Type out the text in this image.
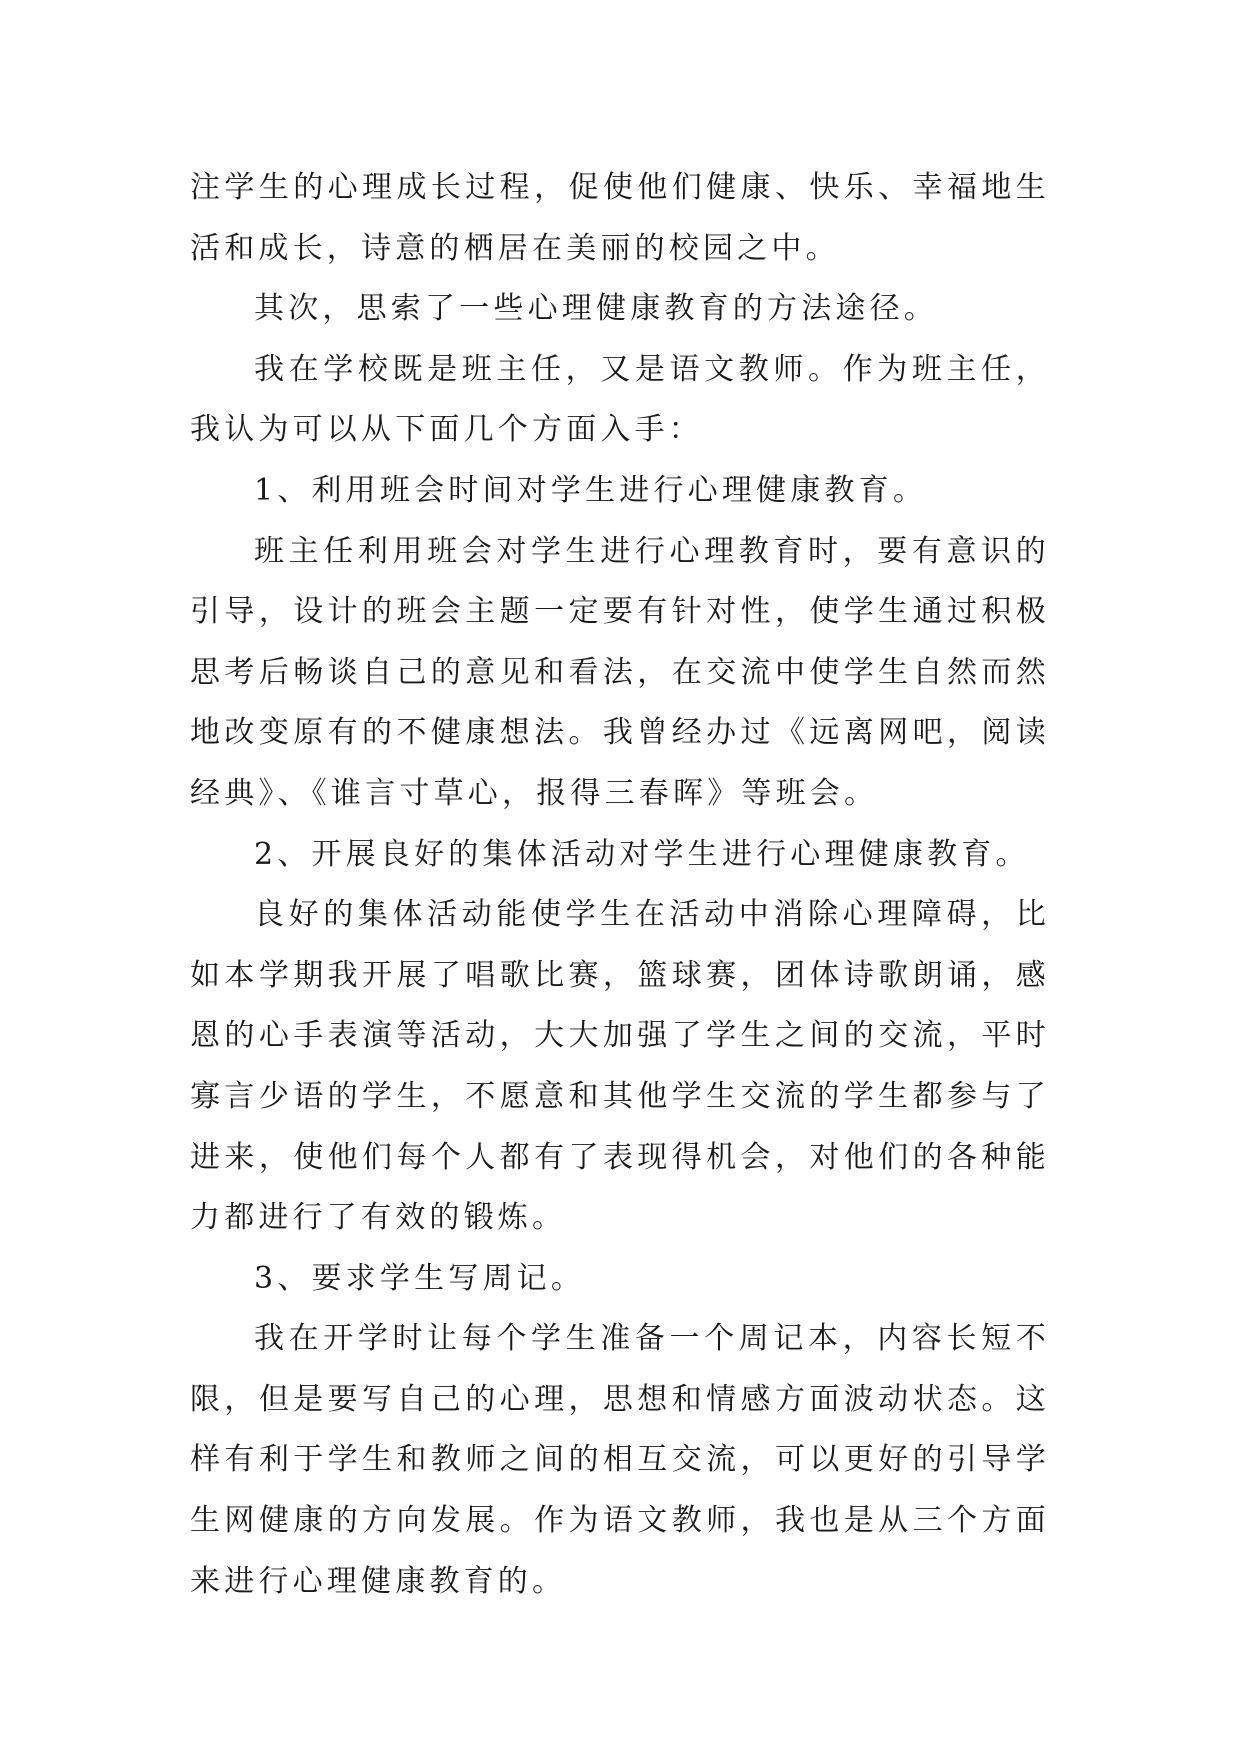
注学生的心理成长过程，促使他们健康、快乐、幸福地生活和成长，诗意的栖居在美丽的校园之中。

其次，思索了一些心理健康教育的方法途径。

我在学校既是班主任，又是语文教师。作为班主任，我认为可以从下面几个方面入手：

1、利用班会时间对学生进行心理健康教育。

班主任利用班会对学生进行心理教育时，要有意识的引导，设计的班会主题一定要有针对性，使学生通过积极思考后畅谈自己的意见和看法，在交流中使学生自然而然地改变原有的不健康想法。我曾经办过《远离网吧，阅读经典》、《谁言寸草心，报得三春晖》等班会。

2、开展良好的集体活动对学生进行心理健康教育。

良好的集体活动能使学生在活动中消除心理障碍，比如本学期我开展了唱歌比赛，篮球赛，团体诗歌朗诵，感恩的心手表演等活动，大大加强了学生之间的交流，平时寡言少语的学生，不愿意和其他学生交流的学生都参与了进来，使他们每个人都有了表现得机会，对他们的各种能力都进行了有效的锻炼。

3、要求学生写周记。

我在开学时让每个学生准备一个周记本，内容长短不限，但是要写自己的心理，思想和情感方面波动状态。这样有利于学生和教师之间的相互交流，可以更好的引导学生网健康的方向发展。作为语文教师，我也是从三个方面来进行心理健康教育的。
